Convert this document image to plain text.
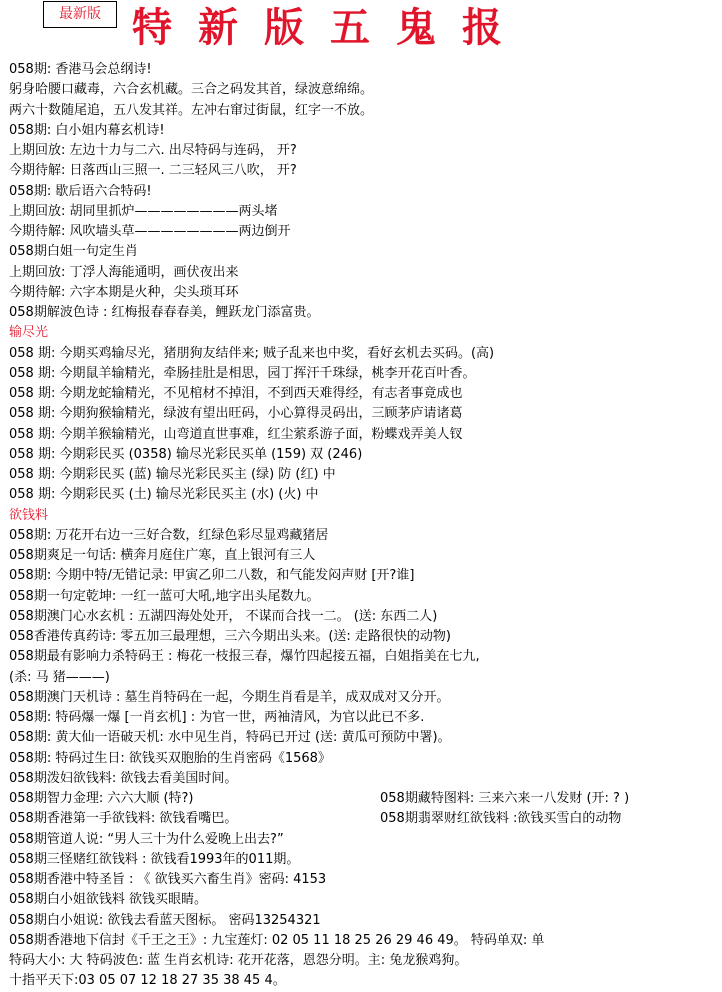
最新版 特新版五鬼报
058期: 香港马会总纲诗!
躬身哈腰口藏毒，六合玄机藏。三合之码发其首，绿波意绵绵。
两六十数随尾追，五八发其祥。左冲右窜过街鼠，红字一不放。
058期: 白小姐内幕玄机诗!
上期回放: 左边十力与二六. 出尽特码与连码， 开?
今期待解: 日落西山三照一. 二三轻风三八吹， 开?
058期: 歇后语六合特码!
上期回放: 胡同里抓炉————————两头堵
今期待解: 风吹墙头草————————两边倒开
058期白姐一句定生肖
上期回放: 丁浮人海能通明，画伏夜出来
今期待解: 六字本期是火种，尖头琐耳环
058期解波色诗 : 红梅报春春春美，鲤跃龙门添富贵。
输尽光
058 期: 今期买鸡输尽光，猪朋狗友结伴来; 贼子乱来也中奖，看好玄机去买码。(高)
058 期: 今期鼠羊输精光，牵肠挂肚是相思，园丁挥汗千珠绿，桃李开花百叶香。
058 期: 今期龙蛇输精光，不见棺材不掉泪，不到西天难得经，有志者事竟成也
058 期: 今期狗猴输精光，绿波有望出旺码，小心算得灵码出，三顾茅庐请诸葛
058 期: 今期羊猴输精光，山弯道直世事难，红尘萦系游子面，粉蝶戏弄美人钗
058 期: 今期彩民买 (0358) 输尽光彩民买单 (159) 双 (246)
058 期: 今期彩民买 (蓝) 输尽光彩民买主 (绿) 防 (红) 中
058 期: 今期彩民买 (土) 输尽光彩民买主 (水) (火) 中
欲钱料
058期: 万花开右边一三好合数，红绿色彩尽显鸡藏猪居
058期爽足一句话: 横奔月庭住广寒，直上银河有三人
058期: 今期中特/无错记录: 甲寅乙卯二八数，和气能发闷声财 [开?谁]
058期一句定乾坤: 一红一蓝可大吼,地字出头尾数九。
058期澳门心水玄机 : 五湖四海处处开， 不谋而合找一二。 (送: 东西二人)
058香港传真药诗: 零五加三最理想，三六今期出头来。(送: 走路很快的动物)
058期最有影响力杀特码王 : 梅花一枝报三春，爆竹四起接五福，白姐指美在七九,
(杀: 马 猪———)
058期澳门天机诗 : 墓生肖特码在一起，今期生肖看是羊，成双成对又分开。
058期: 特码爆一爆 [一肖玄机] : 为官一世，两袖清风，为官以此已不多.
058期: 黄大仙一语破天机: 水中见生肖，特码已开过 (送: 黄瓜可预防中署)。
058期: 特码过生日: 欲钱买双胞胎的生肖密码《1568》
058期泼妇欲钱料: 欲钱去看美国时间。
058期智力金理: 六六大顺 (特?)	058期藏特图料: 三来六来一八发财 (开: ? )
058期香港第一手欲钱料: 欲钱看嘴巴。	058期翡翠财红欲钱料 :欲钱买雪白的动物
058期管道人说: “男人三十为什么爱晚上出去?”
058期三怪赌红欲钱料 : 欲钱看1993年的011期。
058期香港中特圣旨 : 《 欲钱买六畜生肖》密码: 4153
058期白小姐欲钱料 欲钱买眼睛。
058期白小姐说: 欲钱去看蓝天图标。 密码13254321
058期香港地下信封《千王之王》: 九宝莲灯: 02 05 11 18 25 26 29 46 49。 特码单双: 单
特码大小: 大 特码波色: 蓝 生肖玄机诗: 花开花落，恩怨分明。主: 兔龙猴鸡狗。
十指平天下:03 05 07 12 18 27 35 38 45 4。
